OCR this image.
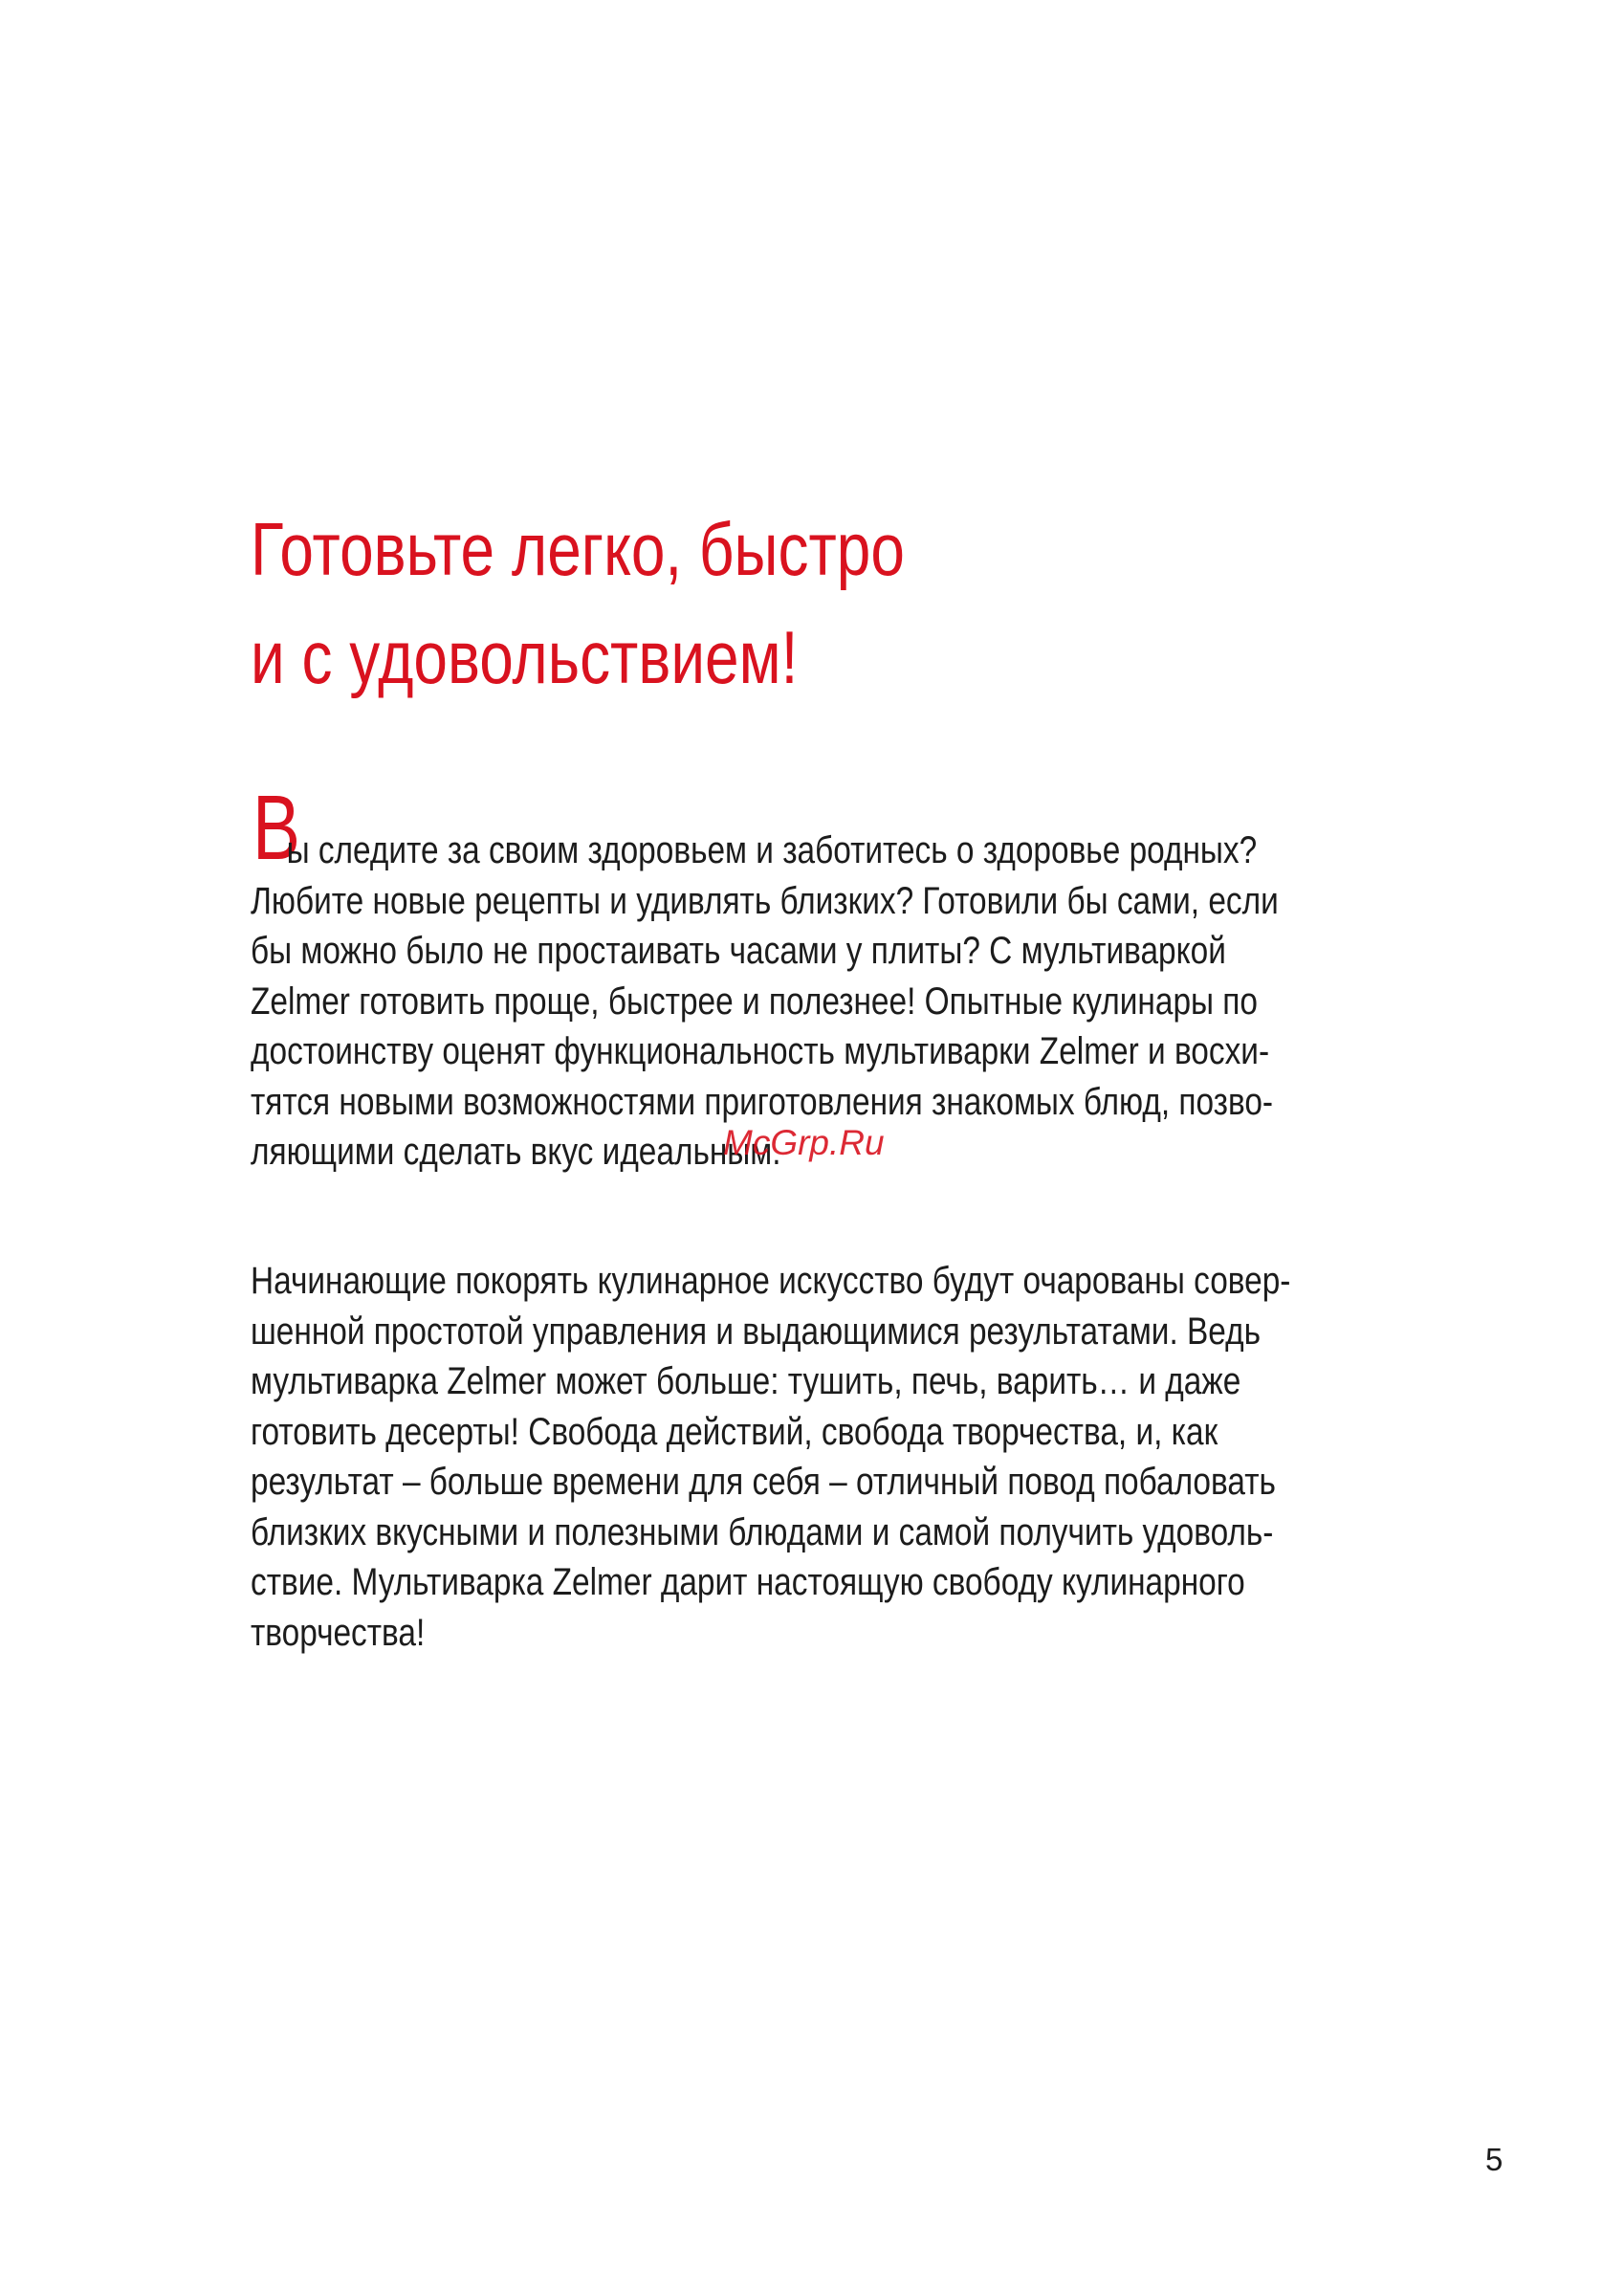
Готовьте легко, быстро
и с удовольствием!
В

ы следите за своим здоровьем и заботитесь о здоровье родных?
Любите новые рецепты и удивлять близких? Готовили бы сами, если
бы можно было не простаивать часами у плиты? С мультиваркой
Zelmer готовить проще, быстрее и полезнее! Опытные кулинары по
достоинству оценят функциональность мультиварки Zelmer и восхи-
тятся новыми возможностями приготовления знакомых блюд, позво-
ляющими сделать вкус идеальным.

McGrp.Ru

Начинающие покорять кулинарное искусство будут очарованы совер-
шенной простотой управления и выдающимися результатами. Ведь
мультиварка Zelmer может больше: тушить, печь, варить… и даже
готовить десерты! Свобода действий, свобода творчества, и, как
результат – больше времени для себя – отличный повод побаловать
близких вкусными и полезными блюдами и самой получить удоволь-
ствие. Мультиварка Zelmer дарит настоящую свободу кулинарного
творчества!

5
